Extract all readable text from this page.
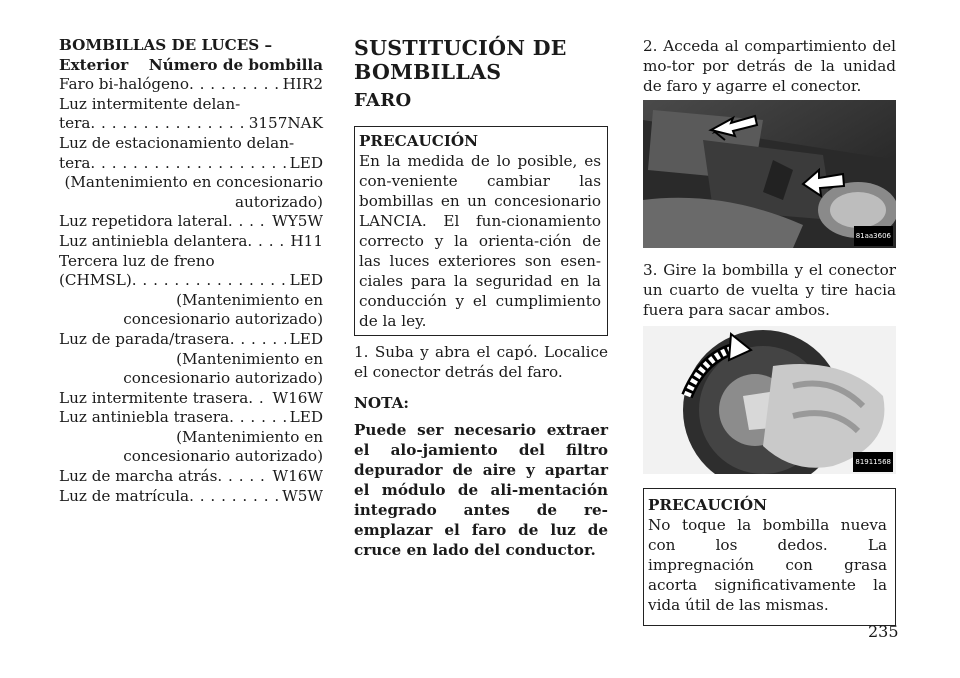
BOMBILLAS DE LUCES –
Exterior Número de bombilla
Faro bi-halógeno . . .	HIR2
Luz intermitente delan-
tera . . .	3157NAK
Luz de estacionamiento delan-
tera . . .	LED
(Mantenimiento en concesionario
autorizado)
Luz repetidora lateral . . .	WY5W
Luz antiniebla delantera . . .	H11
Tercera luz de freno
(CHMSL) . . .	LED
(Mantenimiento en
concesionario autorizado)
Luz de parada/trasera . . .	LED
(Mantenimiento en
concesionario autorizado)
Luz intermitente trasera . . . W16W
Luz antiniebla trasera . . .	LED
(Mantenimiento en
concesionario autorizado)
Luz de marcha atrás . . .	W16W
Luz de matrícula . . .	W5W
SUSTITUCIÓN DE
BOMBILLAS
FARO
PRECAUCIÓN
En la medida de lo posible, es con-veniente cambiar las bombillas en un concesionario LANCIA. El fun-cionamiento correcto y la orienta-ción de las luces exteriores son esen-ciales para la seguridad en la conducción y el cumplimiento de la ley.
1. Suba y abra el capó. Localice el conector detrás del faro.
NOTA:
Puede ser necesario extraer el alo-jamiento del filtro depurador de aire y apartar el módulo de ali-mentación integrado antes de re-emplazar el faro de luz de cruce en lado del conductor.
2. Acceda al compartimiento del mo-tor por detrás de la unidad de faro y agarre el conector.
81aa3606
3. Gire la bombilla y el conector un cuarto de vuelta y tire hacia fuera para sacar ambos.
81911568
PRECAUCIÓN
No toque la bombilla nueva con los dedos. La impregnación con grasa acorta significativamente la vida útil de las mismas.
235
